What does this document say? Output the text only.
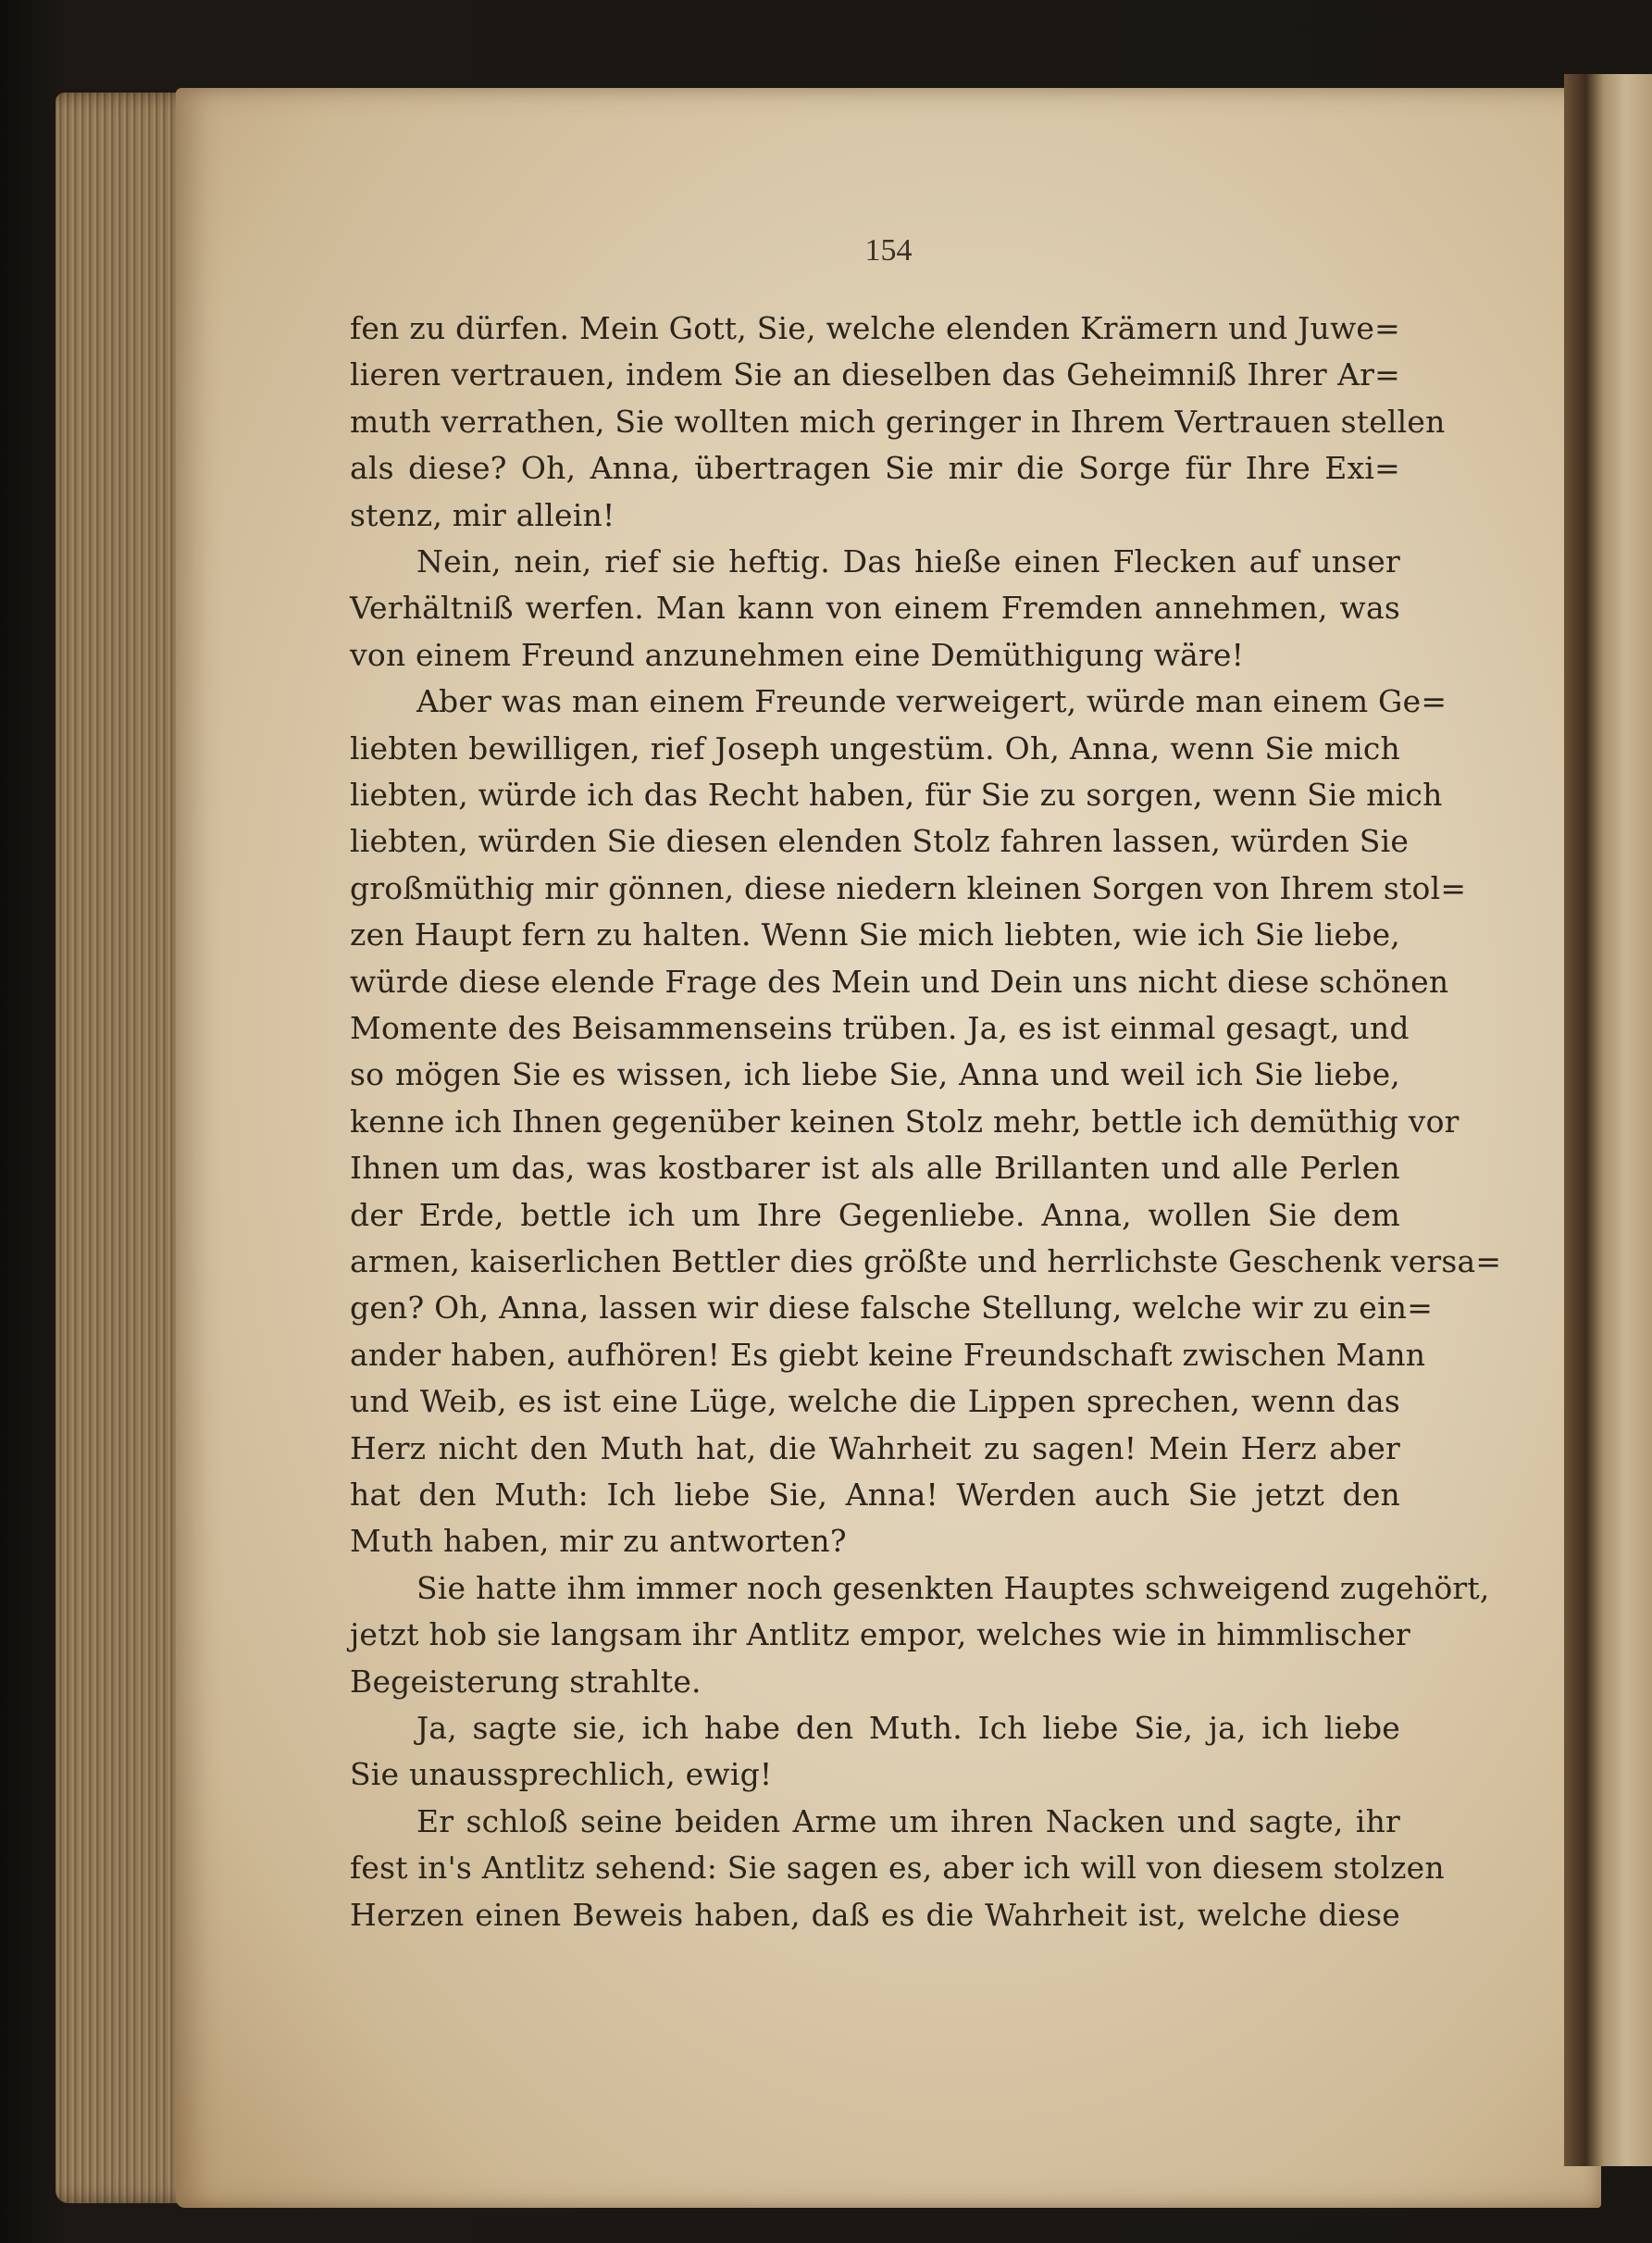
154
fen zu dürfen. Mein Gott, Sie, welche elenden Krämern und Juwe=
lieren vertrauen, indem Sie an dieselben das Geheimniß Ihrer Ar=
muth verrathen, Sie wollten mich geringer in Ihrem Vertrauen stellen
als diese? Oh, Anna, übertragen Sie mir die Sorge für Ihre Exi=
stenz, mir allein!
Nein, nein, rief sie heftig. Das hieße einen Flecken auf unser
Verhältniß werfen. Man kann von einem Fremden annehmen, was
von einem Freund anzunehmen eine Demüthigung wäre!
Aber was man einem Freunde verweigert, würde man einem Ge=
liebten bewilligen, rief Joseph ungestüm. Oh, Anna, wenn Sie mich
liebten, würde ich das Recht haben, für Sie zu sorgen, wenn Sie mich
liebten, würden Sie diesen elenden Stolz fahren lassen, würden Sie
großmüthig mir gönnen, diese niedern kleinen Sorgen von Ihrem stol=
zen Haupt fern zu halten. Wenn Sie mich liebten, wie ich Sie liebe,
würde diese elende Frage des Mein und Dein uns nicht diese schönen
Momente des Beisammenseins trüben. Ja, es ist einmal gesagt, und
so mögen Sie es wissen, ich liebe Sie, Anna und weil ich Sie liebe,
kenne ich Ihnen gegenüber keinen Stolz mehr, bettle ich demüthig vor
Ihnen um das, was kostbarer ist als alle Brillanten und alle Perlen
der Erde, bettle ich um Ihre Gegenliebe. Anna, wollen Sie dem
armen, kaiserlichen Bettler dies größte und herrlichste Geschenk versa=
gen? Oh, Anna, lassen wir diese falsche Stellung, welche wir zu ein=
ander haben, aufhören! Es giebt keine Freundschaft zwischen Mann
und Weib, es ist eine Lüge, welche die Lippen sprechen, wenn das
Herz nicht den Muth hat, die Wahrheit zu sagen! Mein Herz aber
hat den Muth: Ich liebe Sie, Anna! Werden auch Sie jetzt den
Muth haben, mir zu antworten?
Sie hatte ihm immer noch gesenkten Hauptes schweigend zugehört,
jetzt hob sie langsam ihr Antlitz empor, welches wie in himmlischer
Begeisterung strahlte.
Ja, sagte sie, ich habe den Muth. Ich liebe Sie, ja, ich liebe
Sie unaussprechlich, ewig!
Er schloß seine beiden Arme um ihren Nacken und sagte, ihr
fest in's Antlitz sehend: Sie sagen es, aber ich will von diesem stolzen
Herzen einen Beweis haben, daß es die Wahrheit ist, welche diese
